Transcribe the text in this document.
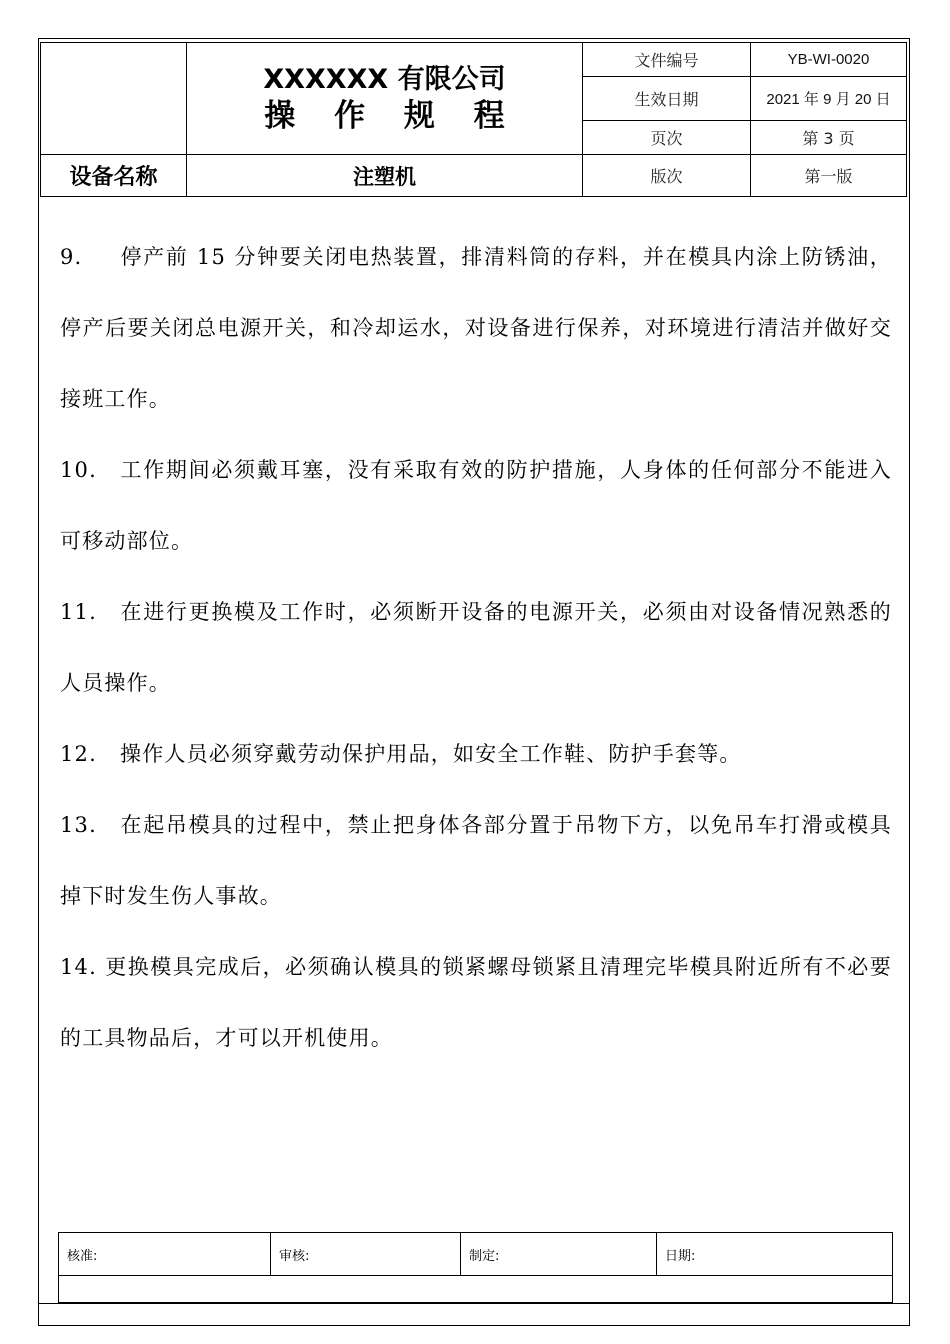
	XXXXXX 有限公司
操 作 规 程	文件编号	YB-WI-0020
		生效日期	2021 年 9 月 20 日
		页次	第 3 页
设备名称	注塑机	版次	第一版

9. 停产前 15 分钟要关闭电热装置，排清料筒的存料，并在模具内涂上防锈油，停产后要关闭总电源开关，和冷却运水，对设备进行保养，对环境进行清洁并做好交接班工作。

10. 工作期间必须戴耳塞，没有采取有效的防护措施，人身体的任何部分不能进入可移动部位。

11. 在进行更换模及工作时，必须断开设备的电源开关，必须由对设备情况熟悉的人员操作。

12. 操作人员必须穿戴劳动保护用品，如安全工作鞋、防护手套等。

13. 在起吊模具的过程中，禁止把身体各部分置于吊物下方，以免吊车打滑或模具掉下时发生伤人事故。

14. 更换模具完成后，必须确认模具的锁紧螺母锁紧且清理完毕模具附近所有不必要的工具物品后，才可以开机使用。

核准:	审核:	制定:	日期:
